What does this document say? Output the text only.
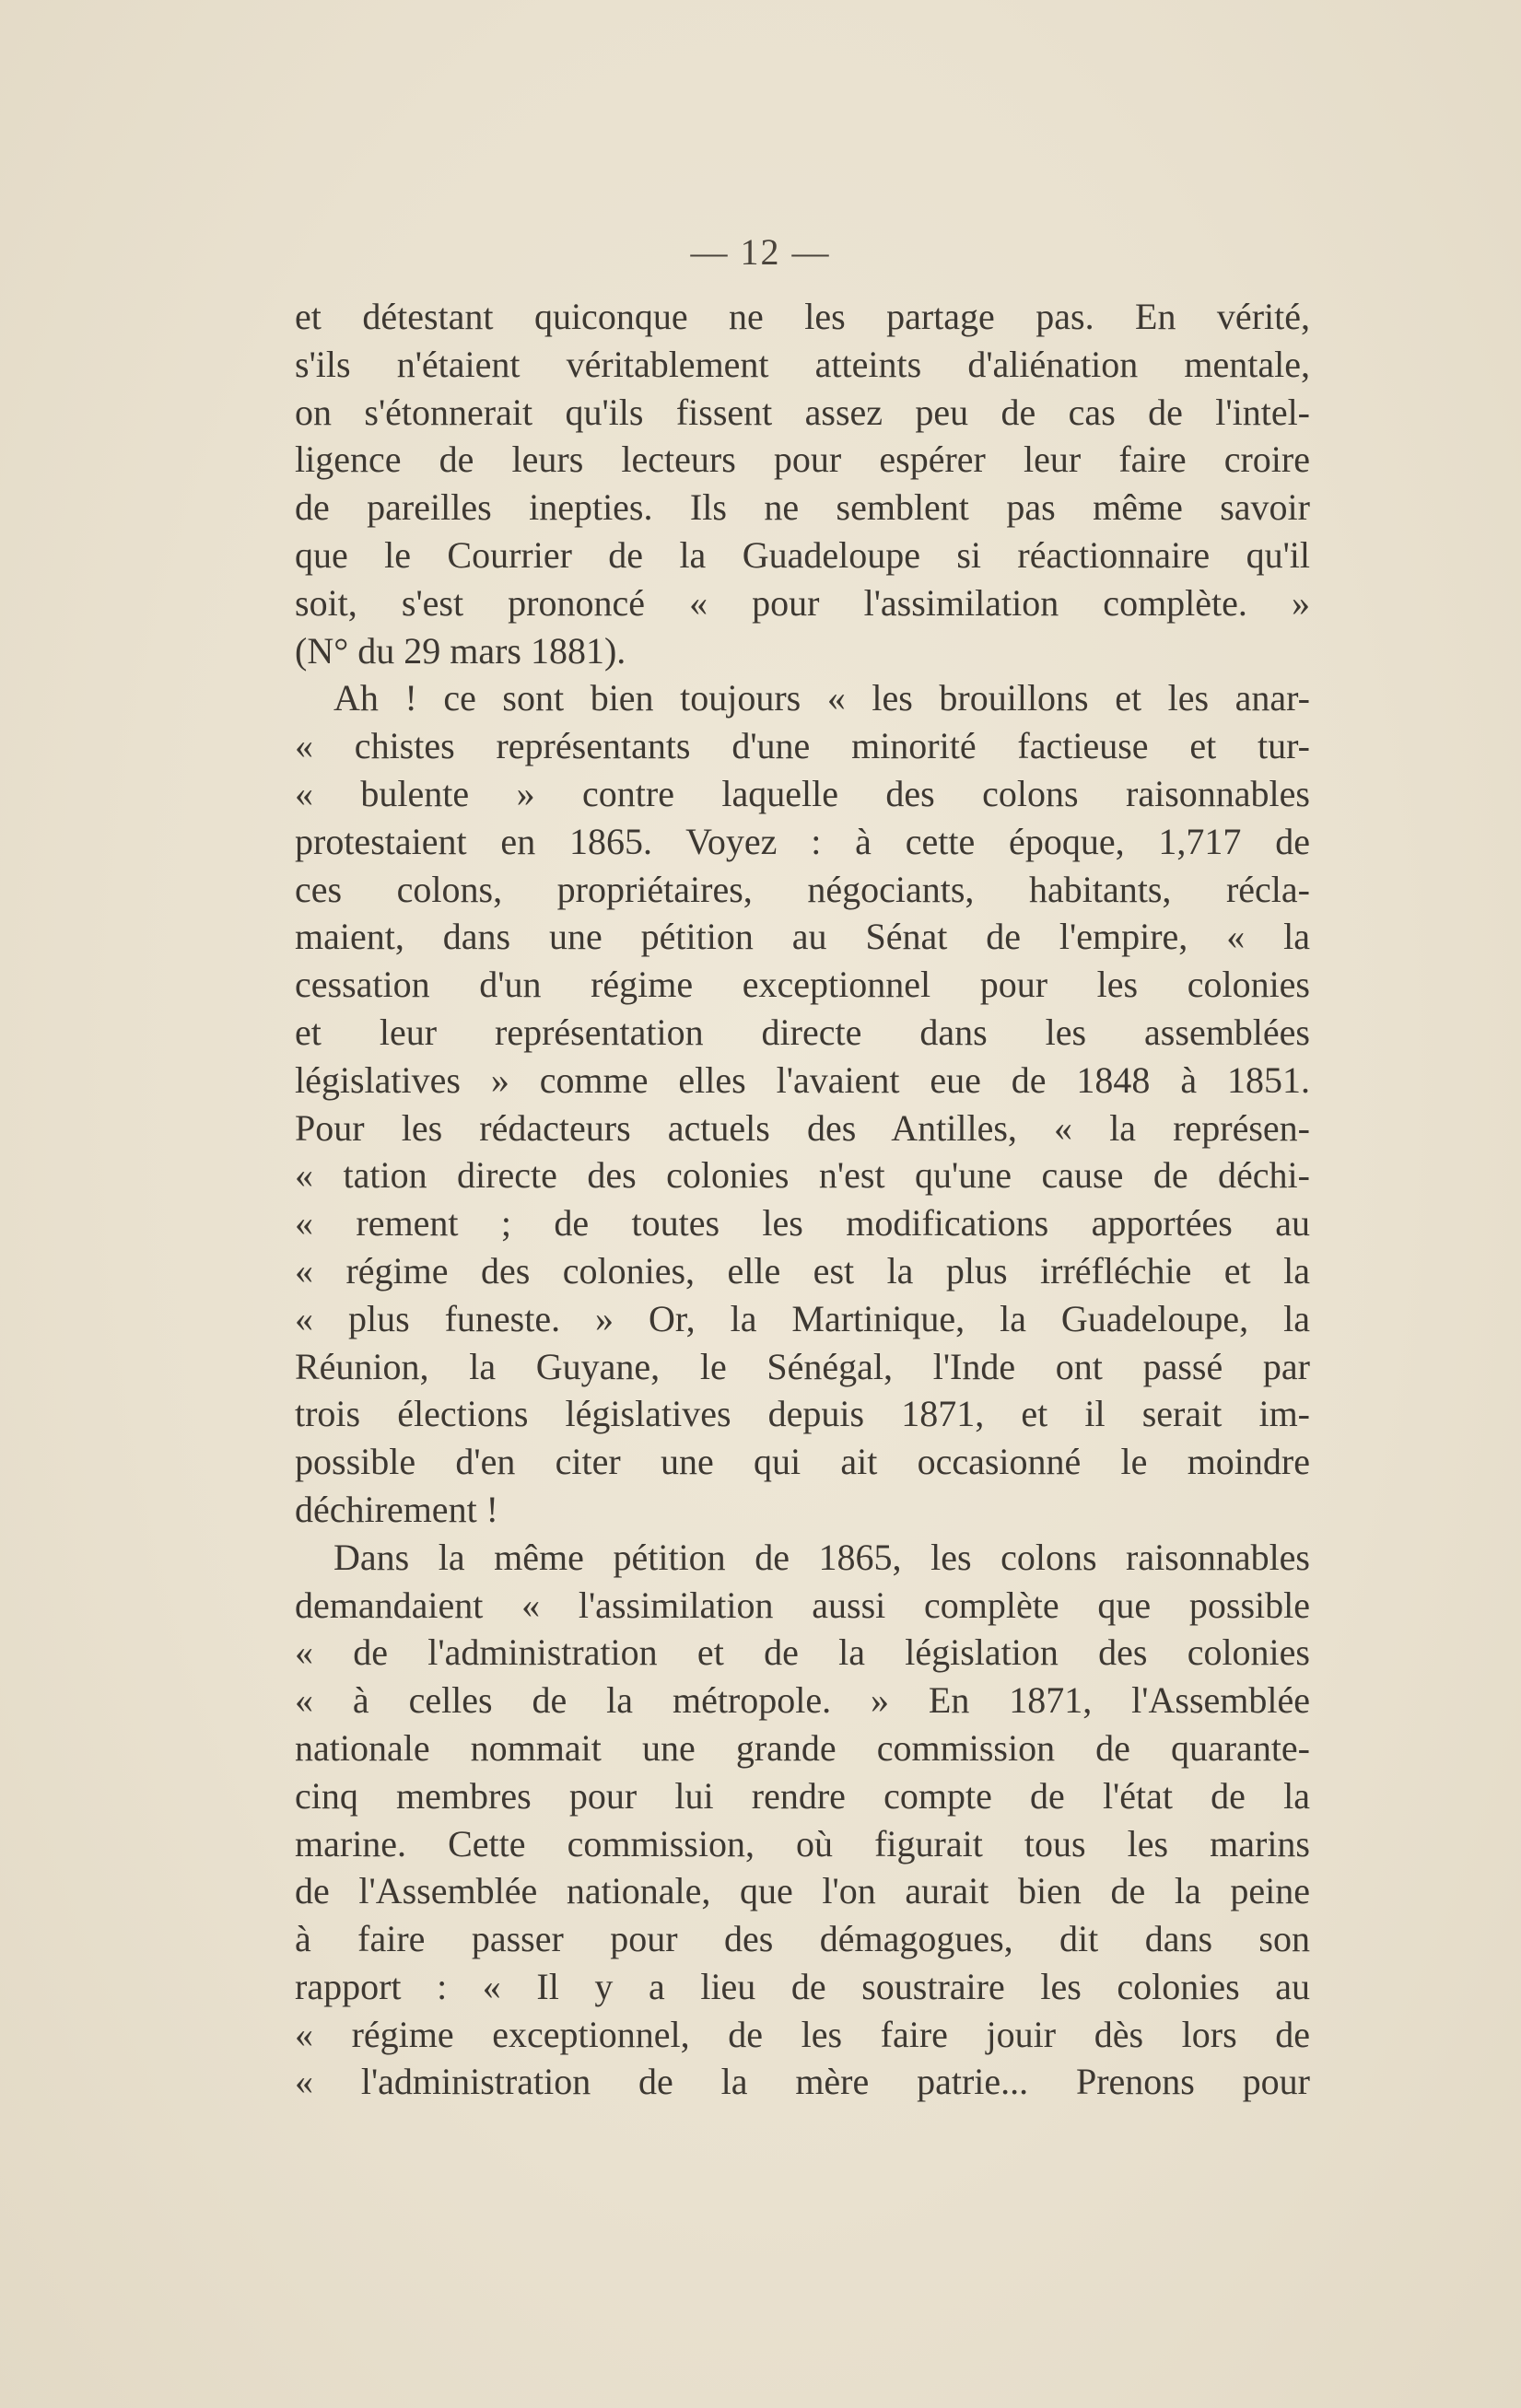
— 12 —
et détestant quiconque ne les partage pas. En vérité,
s'ils n'étaient véritablement atteints d'aliénation mentale,
on s'étonnerait qu'ils fissent assez peu de cas de l'intel-
ligence de leurs lecteurs pour espérer leur faire croire
de pareilles inepties. Ils ne semblent pas même savoir
que le Courrier de la Guadeloupe si réactionnaire qu'il
soit, s'est prononcé « pour l'assimilation complète. »
(N° du 29 mars 1881).
Ah ! ce sont bien toujours « les brouillons et les anar-
« chistes représentants d'une minorité factieuse et tur-
« bulente » contre laquelle des colons raisonnables
protestaient en 1865. Voyez : à cette époque, 1,717 de
ces colons, propriétaires, négociants, habitants, récla-
maient, dans une pétition au Sénat de l'empire, « la
cessation d'un régime exceptionnel pour les colonies
et leur représentation directe dans les assemblées
législatives » comme elles l'avaient eue de 1848 à 1851.
Pour les rédacteurs actuels des Antilles, « la représen-
« tation directe des colonies n'est qu'une cause de déchi-
« rement ; de toutes les modifications apportées au
« régime des colonies, elle est la plus irréfléchie et la
« plus funeste. » Or, la Martinique, la Guadeloupe, la
Réunion, la Guyane, le Sénégal, l'Inde ont passé par
trois élections législatives depuis 1871, et il serait im-
possible d'en citer une qui ait occasionné le moindre
déchirement !
Dans la même pétition de 1865, les colons raisonnables
demandaient « l'assimilation aussi complète que possible
« de l'administration et de la législation des colonies
« à celles de la métropole. » En 1871, l'Assemblée
nationale nommait une grande commission de quarante-
cinq membres pour lui rendre compte de l'état de la
marine. Cette commission, où figurait tous les marins
de l'Assemblée nationale, que l'on aurait bien de la peine
à faire passer pour des démagogues, dit dans son
rapport : « Il y a lieu de soustraire les colonies au
« régime exceptionnel, de les faire jouir dès lors de
« l'administration de la mère patrie... Prenons pour
